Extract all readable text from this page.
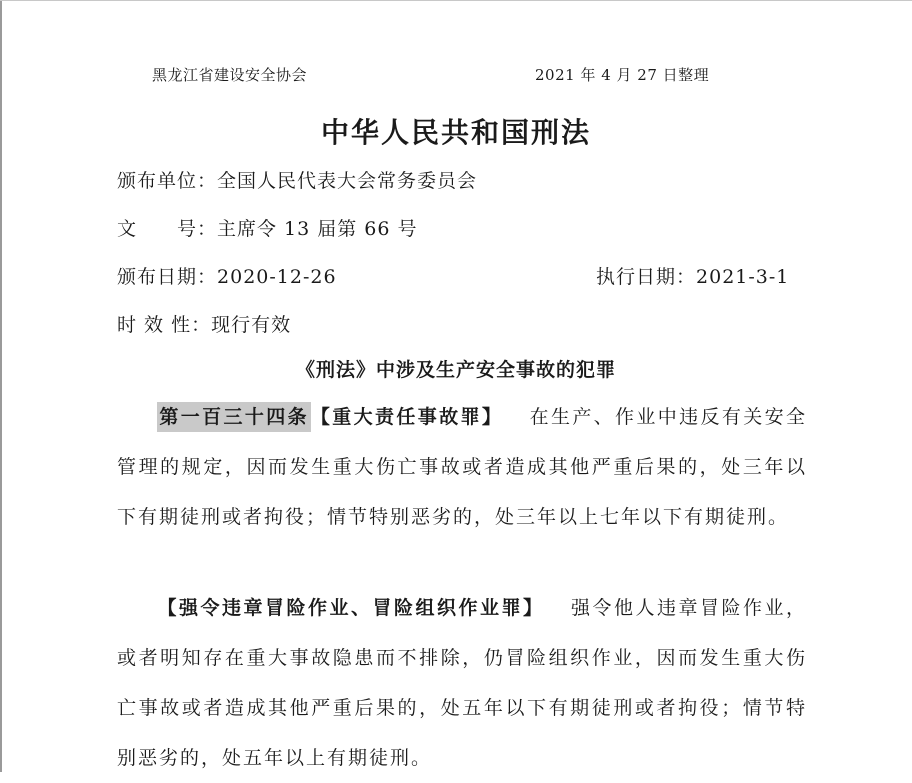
黑龙江省建设安全协会	2021 年 4 月 27 日整理
中华人民共和国刑法
颁布单位：全国人民代表大会常务委员会
文　　号：主席令 13 届第 66 号
颁布日期：2020-12-26	执行日期：2021-3-1
时 效 性：现行有效
《刑法》中涉及生产安全事故的犯罪
第一百三十四条 【重大责任事故罪】 在生产、作业中违反有关安全管理的规定，因而发生重大伤亡事故或者造成其他严重后果的，处三年以下有期徒刑或者拘役；情节特别恶劣的，处三年以上七年以下有期徒刑。
【强令违章冒险作业、冒险组织作业罪】 强令他人违章冒险作业，或者明知存在重大事故隐患而不排除，仍冒险组织作业，因而发生重大伤亡事故或者造成其他严重后果的，处五年以下有期徒刑或者拘役；情节特别恶劣的，处五年以上有期徒刑。
